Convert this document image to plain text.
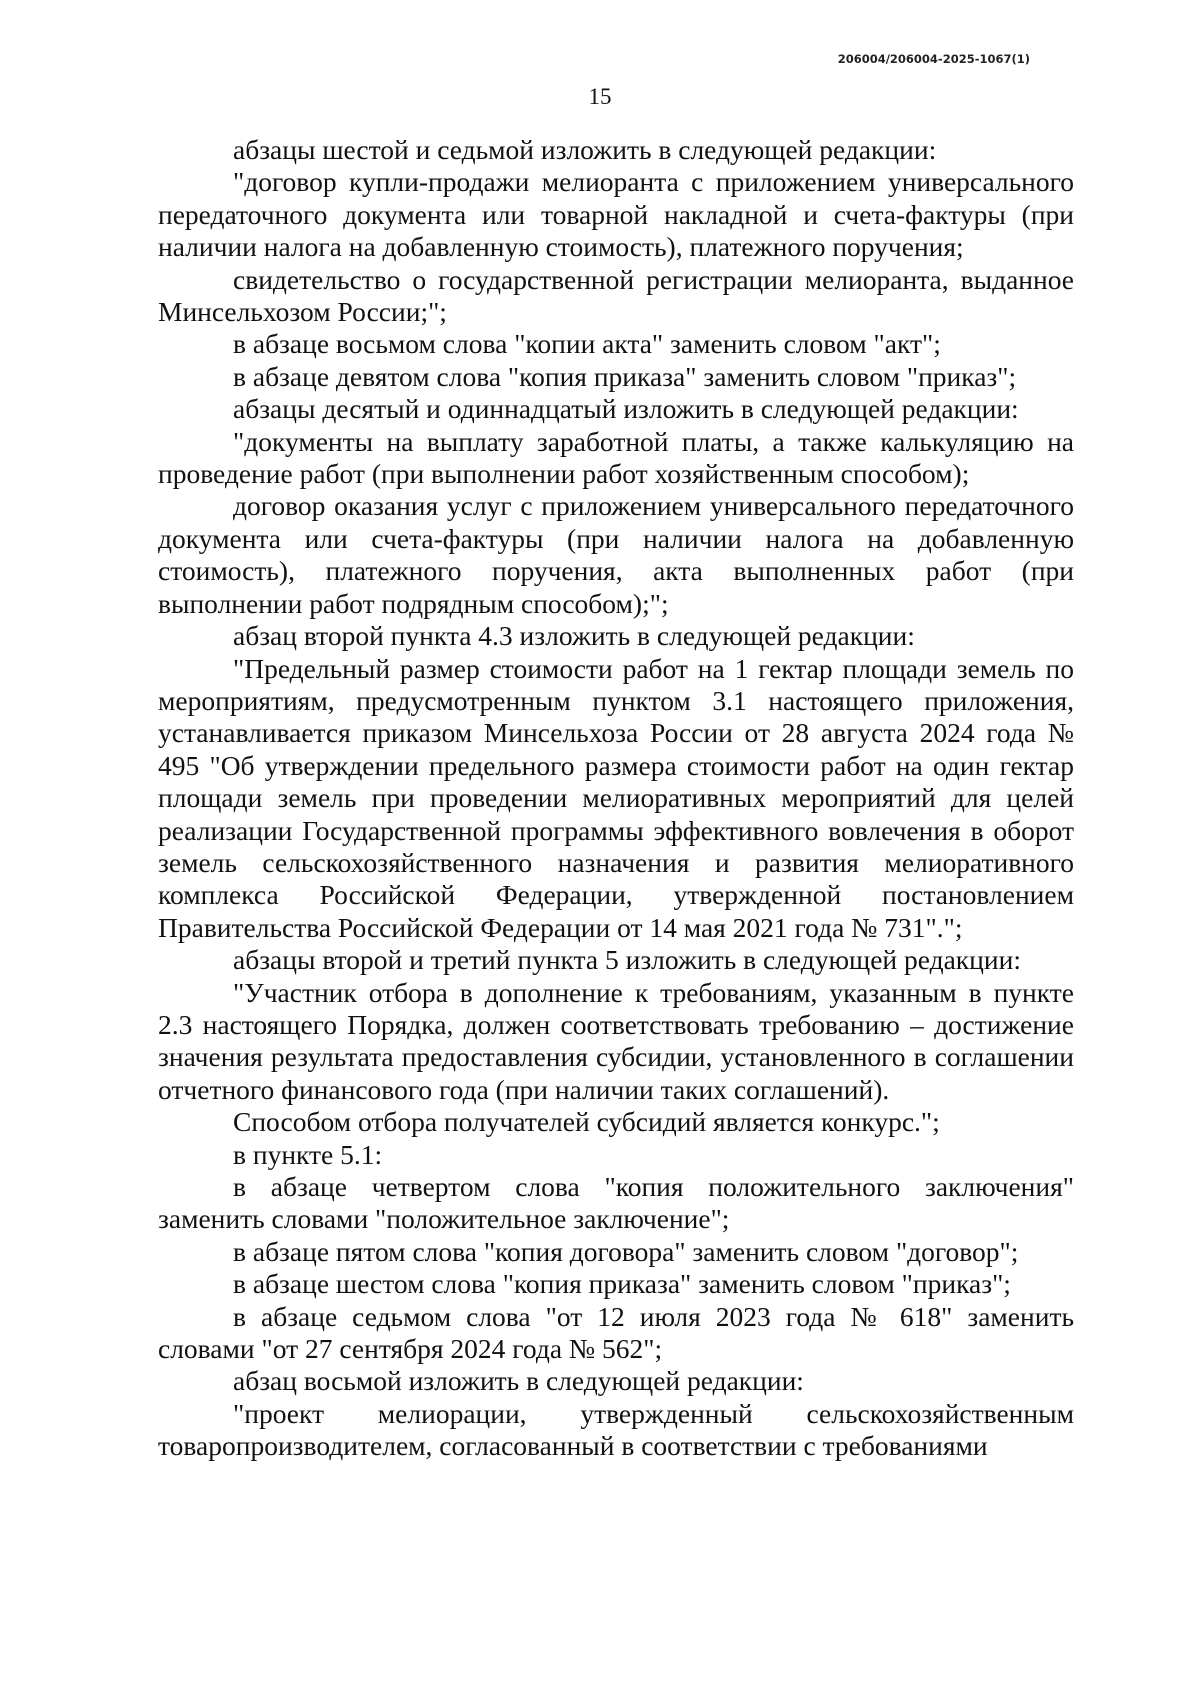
206004/206004-2025-1067(1)
15

абзацы шестой и седьмой изложить в следующей редакции:

"договор купли-продажи мелиоранта с приложением универсального передаточного документа или товарной накладной и счета-фактуры (при наличии налога на добавленную стоимость), платежного поручения;

свидетельство о государственной регистрации мелиоранта, выданное Минсельхозом России;";

в абзаце восьмом слова "копии акта" заменить словом "акт";

в абзаце девятом слова "копия приказа" заменить словом "приказ";

абзацы десятый и одиннадцатый изложить в следующей редакции:

"документы на выплату заработной платы, а также калькуляцию на проведение работ (при выполнении работ хозяйственным способом);

договор оказания услуг с приложением универсального передаточного документа или счета-фактуры (при наличии налога на добавленную стоимость), платежного поручения, акта выполненных работ (при выполнении работ подрядным способом);";

абзац второй пункта 4.3 изложить в следующей редакции:

"Предельный размер стоимости работ на 1 гектар площади земель по мероприятиям, предусмотренным пунктом 3.1 настоящего приложения, устанавливается приказом Минсельхоза России от 28 августа 2024 года № 495 "Об утверждении предельного размера стоимости работ на один гектар площади земель при проведении мелиоративных мероприятий для целей реализации Государственной программы эффективного вовлечения в оборот земель сельскохозяйственного назначения и развития мелиоративного комплекса Российской Федерации, утвержденной постановлением Правительства Российской Федерации от 14 мая 2021 года № 731".";

абзацы второй и третий пункта 5 изложить в следующей редакции:

"Участник отбора в дополнение к требованиям, указанным в пункте 2.3 настоящего Порядка, должен соответствовать требованию – достижение значения результата предоставления субсидии, установленного в соглашении отчетного финансового года (при наличии таких соглашений).

Способом отбора получателей субсидий является конкурс.";

в пункте 5.1:

в абзаце четвертом слова "копия положительного заключения" заменить словами "положительное заключение";

в абзаце пятом слова "копия договора" заменить словом "договор";

в абзаце шестом слова "копия приказа" заменить словом "приказ";

в абзаце седьмом слова "от 12 июля 2023 года № 618" заменить словами "от 27 сентября 2024 года № 562";

абзац восьмой изложить в следующей редакции:

"проект мелиорации, утвержденный сельскохозяйственным товаропроизводителем, согласованный в соответствии с требованиями
